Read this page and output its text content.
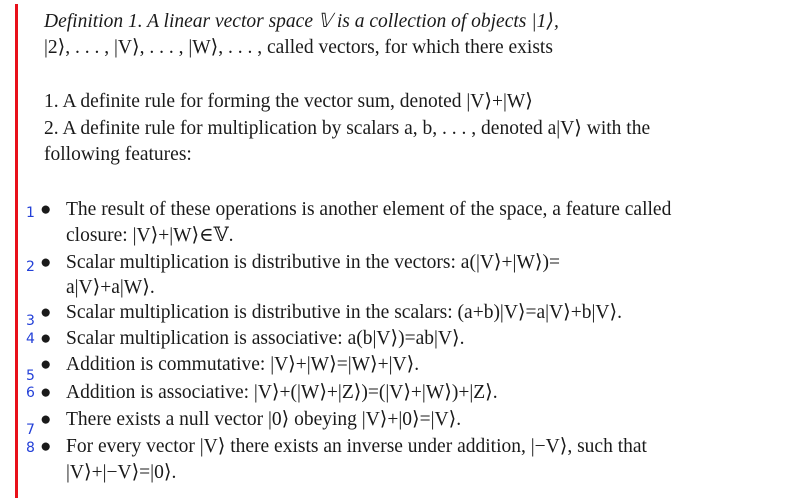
Definition 1. A linear vector space 𝕍 is a collection of objects |1⟩,
|2⟩, . . . , |V⟩, . . . , |W⟩, . . . , called vectors, for which there exists
1. A definite rule for forming the vector sum, denoted |V⟩+|W⟩
2. A definite rule for multiplication by scalars a, b, . . . , denoted a|V⟩ with the
following features:
1 ● The result of these operations is another element of the space, a feature called
closure: |V⟩+|W⟩∈𝕍.
2 ● Scalar multiplication is distributive in the vectors: a(|V⟩+|W⟩)=
a|V⟩+a|W⟩.
3 ● Scalar multiplication is distributive in the scalars: (a+b)|V⟩=a|V⟩+b|V⟩.
4 ● Scalar multiplication is associative: a(b|V⟩)=ab|V⟩.
5
● Addition is commutative: |V⟩+|W⟩=|W⟩+|V⟩.
6 ● Addition is associative: |V⟩+(|W⟩+|Z⟩)=(|V⟩+|W⟩)+|Z⟩.
7 ● There exists a null vector |0⟩ obeying |V⟩+|0⟩=|V⟩.
8 ● For every vector |V⟩ there exists an inverse under addition, |−V⟩, such that
|V⟩+|−V⟩=|0⟩.
